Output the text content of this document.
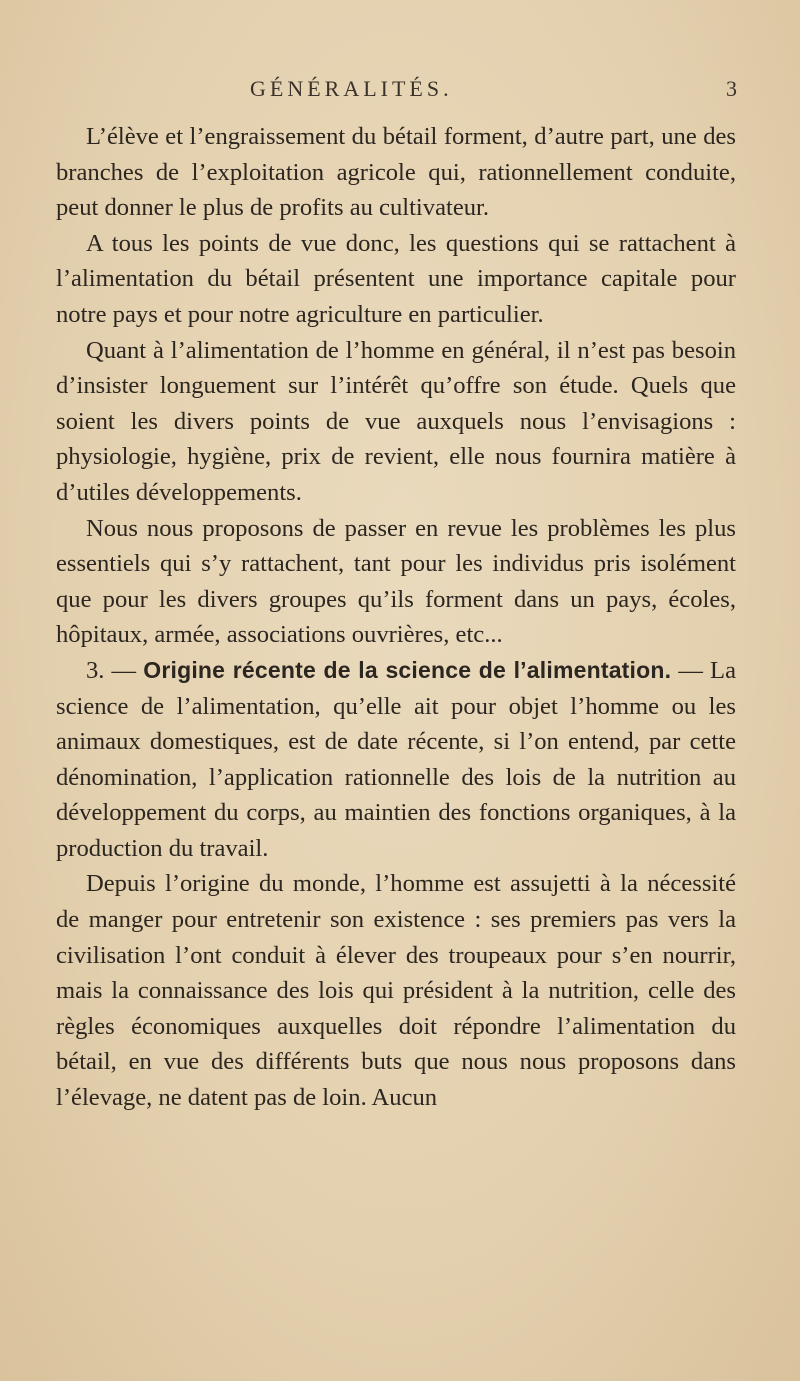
GÉNÉRALITÉS.	3

L’élève et l’engraissement du bétail forment, d’autre part, une des branches de l’exploitation agricole qui, rationnellement conduite, peut donner le plus de profits au cultivateur.

A tous les points de vue donc, les questions qui se rattachent à l’alimentation du bétail présentent une importance capitale pour notre pays et pour notre agriculture en particulier.

Quant à l’alimentation de l’homme en général, il n’est pas besoin d’insister longuement sur l’intérêt qu’offre son étude. Quels que soient les divers points de vue auxquels nous l’envisagions : physiologie, hygiène, prix de revient, elle nous fournira matière à d’utiles développements.

Nous nous proposons de passer en revue les problèmes les plus essentiels qui s’y rattachent, tant pour les individus pris isolément que pour les divers groupes qu’ils forment dans un pays, écoles, hôpitaux, armée, associations ouvrières, etc...

3. — Origine récente de la science de l’alimentation. — La science de l’alimentation, qu’elle ait pour objet l’homme ou les animaux domestiques, est de date récente, si l’on entend, par cette dénomination, l’application rationnelle des lois de la nutrition au développement du corps, au maintien des fonctions organiques, à la production du travail.

Depuis l’origine du monde, l’homme est assujetti à la nécessité de manger pour entretenir son existence : ses premiers pas vers la civilisation l’ont conduit à élever des troupeaux pour s’en nourrir, mais la connaissance des lois qui président à la nutrition, celle des règles économiques auxquelles doit répondre l’alimentation du bétail, en vue des différents buts que nous nous proposons dans l’élevage, ne datent pas de loin. Aucun
